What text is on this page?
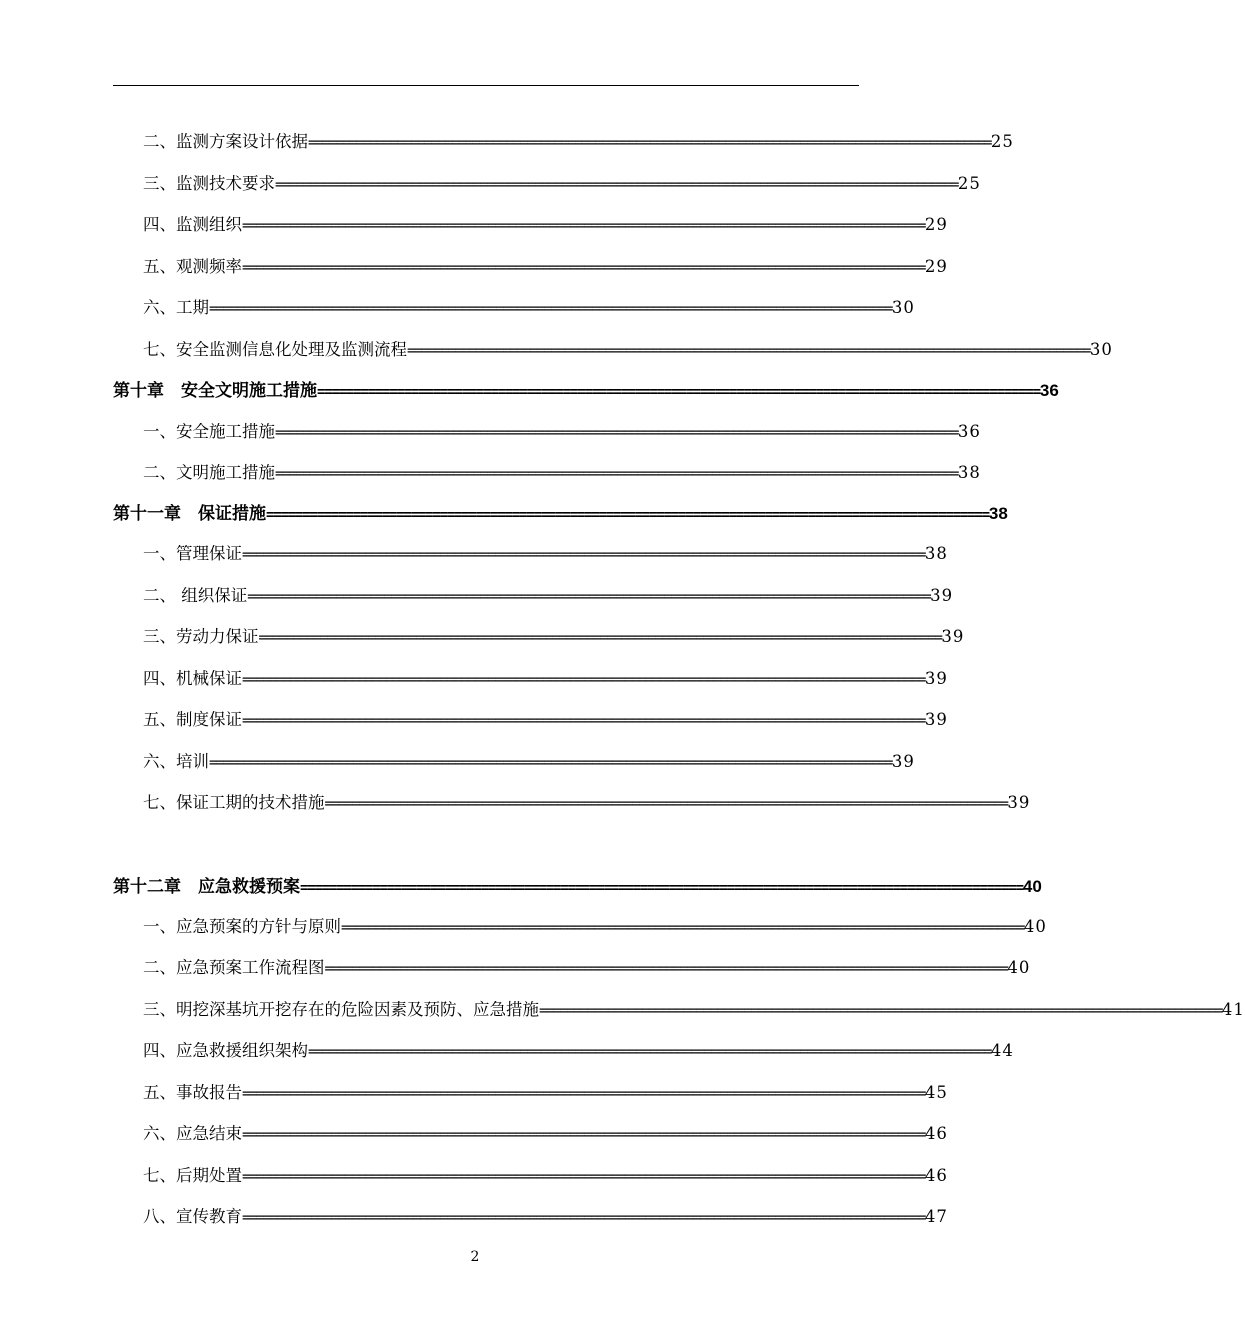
二、监测方案设计依据 ==================================================================================================== 25
三、监测技术要求 ==================================================================================================== 25
四、监测组织 ==================================================================================================== 29
五、观测频率 ==================================================================================================== 29
六、工期 ==================================================================================================== 30
七、安全监测信息化处理及监测流程 ==================================================================================================== 30
第十章　安全文明施工措施 ==================================================================================================== 36
一、安全施工措施 ==================================================================================================== 36
二、文明施工措施 ==================================================================================================== 38
第十一章　保证措施 ==================================================================================================== 38
一、管理保证 ==================================================================================================== 38
二、 组织保证 ==================================================================================================== 39
三、劳动力保证 ==================================================================================================== 39
四、机械保证 ==================================================================================================== 39
五、制度保证 ==================================================================================================== 39
六、培训 ==================================================================================================== 39
七、保证工期的技术措施 ==================================================================================================== 39
第十二章　应急救援预案 ==================================================================================================== 40
一、应急预案的方针与原则 ==================================================================================================== 40
二、应急预案工作流程图 ==================================================================================================== 40
三、明挖深基坑开挖存在的危险因素及预防、应急措施 ==================================================================================================== 41
四、应急救援组织架构 ==================================================================================================== 44
五、事故报告 ==================================================================================================== 45
六、应急结束 ==================================================================================================== 46
七、后期处置 ==================================================================================================== 46
八、宣传教育 ==================================================================================================== 47
2
